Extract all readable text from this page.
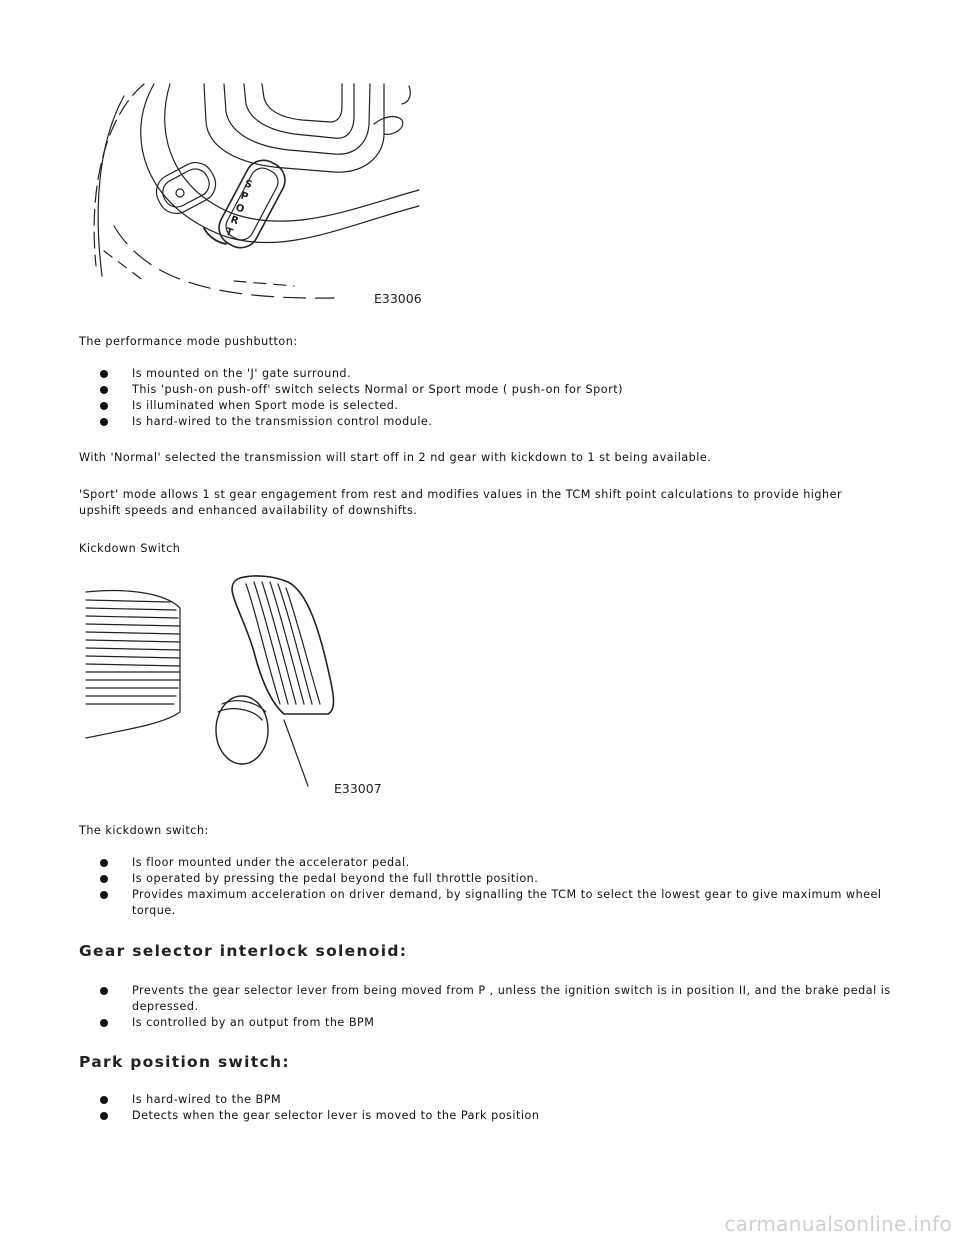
S
P
O
R
T
E33006

The performance mode pushbutton:

Is mounted on the 'J' gate surround.
This 'push-on push-off' switch selects Normal or Sport mode ( push-on for Sport)
Is illuminated when Sport mode is selected.
Is hard-wired to the transmission control module.

With 'Normal' selected the transmission will start off in 2 nd gear with kickdown to 1 st being available.

'Sport' mode allows 1 st gear engagement from rest and modifies values in the TCM shift point calculations to provide higher upshift speeds and enhanced availability of downshifts.

Kickdown Switch

E33007

The kickdown switch:

Is floor mounted under the accelerator pedal.
Is operated by pressing the pedal beyond the full throttle position.
Provides maximum acceleration on driver demand, by signalling the TCM to select the lowest gear to give maximum wheel torque.
Gear selector interlock solenoid:
Prevents the gear selector lever from being moved from P , unless the ignition switch is in position II, and the brake pedal is depressed.
Is controlled by an output from the BPM
Park position switch:
Is hard-wired to the BPM
Detects when the gear selector lever is moved to the Park position
carmanualsonline.info
